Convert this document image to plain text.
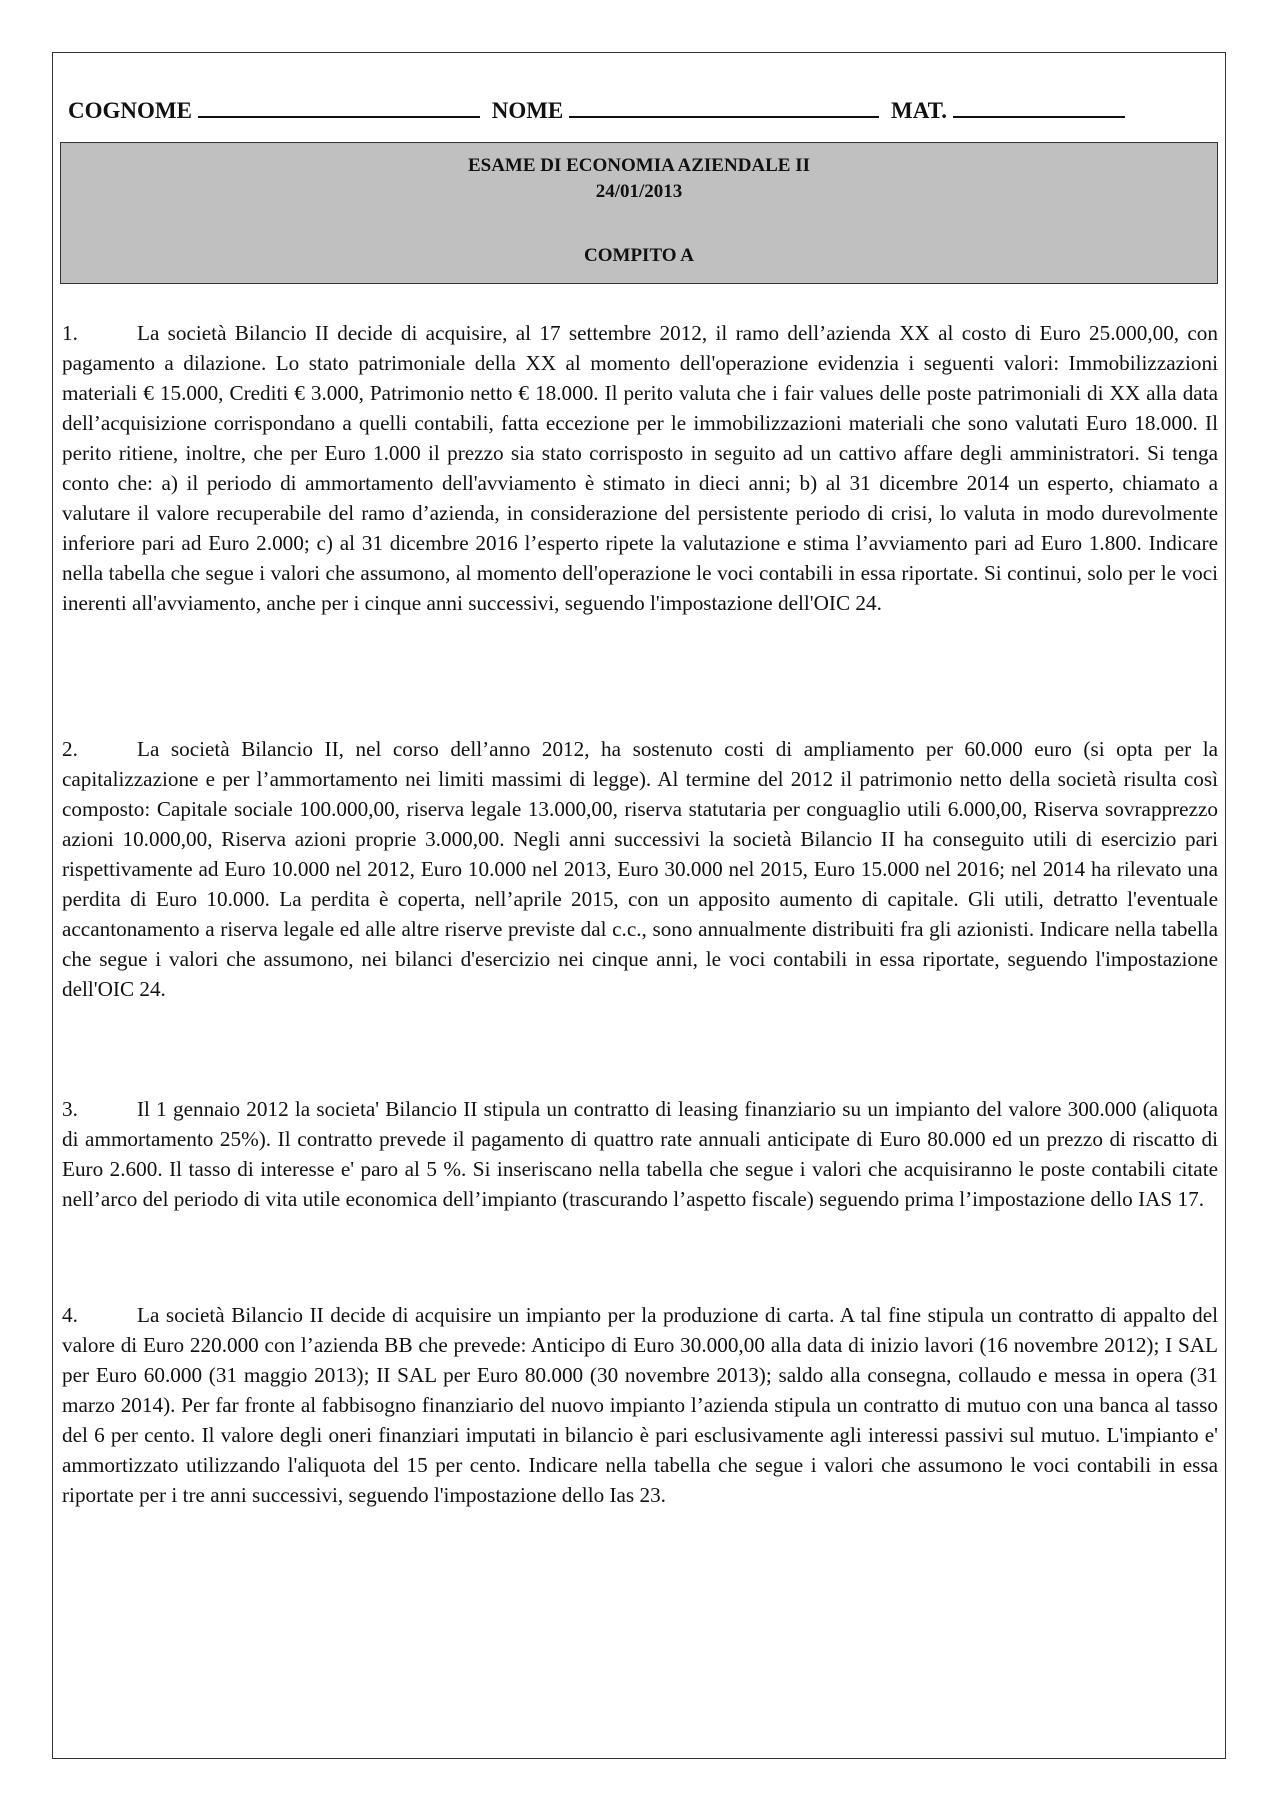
COGNOME	NOME	MAT.
ESAME DI ECONOMIA AZIENDALE II
24/01/2013
COMPITO A
1.	La società Bilancio II decide di acquisire, al 17 settembre 2012, il ramo dell’azienda XX al costo di Euro 25.000,00, con pagamento a dilazione. Lo stato patrimoniale della XX al momento dell'operazione evidenzia i seguenti valori: Immobilizzazioni materiali € 15.000, Crediti € 3.000, Patrimonio netto € 18.000. Il perito valuta che i fair values delle poste patrimoniali di XX alla data dell’acquisizione corrispondano a quelli contabili, fatta eccezione per le immobilizzazioni materiali che sono valutati Euro 18.000. Il perito ritiene, inoltre, che per Euro 1.000 il prezzo sia stato corrisposto in seguito ad un cattivo affare degli amministratori. Si tenga conto che: a) il periodo di ammortamento dell'avviamento è stimato in dieci anni; b) al 31 dicembre 2014 un esperto, chiamato a valutare il valore recuperabile del ramo d’azienda, in considerazione del persistente periodo di crisi, lo valuta in modo durevolmente inferiore pari ad Euro 2.000; c) al 31 dicembre 2016 l’esperto ripete la valutazione e stima l’avviamento pari ad Euro 1.800. Indicare nella tabella che segue i valori che assumono, al momento dell'operazione le voci contabili in essa riportate. Si continui, solo per le voci inerenti all'avviamento, anche per i cinque anni successivi, seguendo l'impostazione dell'OIC 24.
2.	La società Bilancio II, nel corso dell’anno 2012, ha sostenuto costi di ampliamento per 60.000 euro (si opta per la capitalizzazione e per l’ammortamento nei limiti massimi di legge). Al termine del 2012 il patrimonio netto della società risulta così composto: Capitale sociale 100.000,00, riserva legale 13.000,00, riserva statutaria per conguaglio utili 6.000,00, Riserva sovrapprezzo azioni 10.000,00, Riserva azioni proprie 3.000,00. Negli anni successivi la società Bilancio II ha conseguito utili di esercizio pari rispettivamente ad Euro 10.000 nel 2012, Euro 10.000 nel 2013, Euro 30.000 nel 2015, Euro 15.000 nel 2016; nel 2014 ha rilevato una perdita di Euro 10.000. La perdita è coperta, nell’aprile 2015, con un apposito aumento di capitale. Gli utili, detratto l'eventuale accantonamento a riserva legale ed alle altre riserve previste dal c.c., sono annualmente distribuiti fra gli azionisti. Indicare nella tabella che segue i valori che assumono, nei bilanci d'esercizio nei cinque anni, le voci contabili in essa riportate, seguendo l'impostazione dell'OIC 24.
3.	Il 1 gennaio 2012 la societa' Bilancio II stipula un contratto di leasing finanziario su un impianto del valore 300.000 (aliquota di ammortamento 25%). Il contratto prevede il pagamento di quattro rate annuali anticipate di Euro 80.000 ed un prezzo di riscatto di Euro 2.600. Il tasso di interesse e' paro al 5 %. Si inseriscano nella tabella che segue i valori che acquisiranno le poste contabili citate nell’arco del periodo di vita utile economica dell’impianto (trascurando l’aspetto fiscale) seguendo prima l’impostazione dello IAS 17.
4.	La società Bilancio II decide di acquisire un impianto per la produzione di carta. A tal fine stipula un contratto di appalto del valore di Euro 220.000 con l’azienda BB che prevede: Anticipo di Euro 30.000,00 alla data di inizio lavori (16 novembre 2012); I SAL per Euro 60.000 (31 maggio 2013); II SAL per Euro 80.000 (30 novembre 2013); saldo alla consegna, collaudo e messa in opera (31 marzo 2014). Per far fronte al fabbisogno finanziario del nuovo impianto l’azienda stipula un contratto di mutuo con una banca al tasso del 6 per cento. Il valore degli oneri finanziari imputati in bilancio è pari esclusivamente agli interessi passivi sul mutuo. L'impianto e' ammortizzato utilizzando l'aliquota del 15 per cento. Indicare nella tabella che segue i valori che assumono le voci contabili in essa riportate per i tre anni successivi, seguendo l'impostazione dello Ias 23.
